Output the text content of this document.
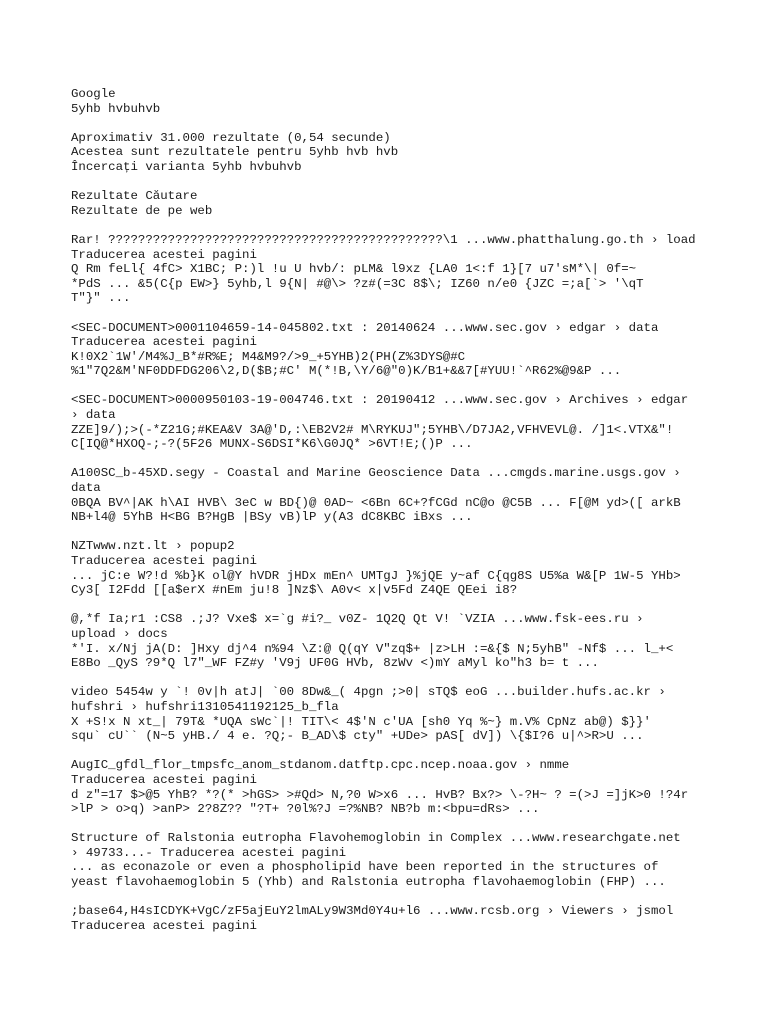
Google
5yhb hvbuhvb
Aproximativ 31.000 rezultate (0,54 secunde)
Acestea sunt rezultatele pentru 5yhb hvb hvb
Încercați varianta 5yhb hvbuhvb
Rezultate Căutare
Rezultate de pe web
Rar! ?????????????????????????????????????????????\1 ...www.phatthalung.go.th › load
Traducerea acestei pagini
Q Rm feLl{ 4fC> X1BC; P:)l !u U hvb/: pLM& l9xz {LA0 1<:f 1}[7 u7'sM*\| 0f=~
*PdS ... &5(C{p EW>} 5yhb,l 9{N| #@\> ?z#(=3C 8$\; IZ60 n/e0 {JZC =;a[`> '\qT
T"}" ...
<SEC-DOCUMENT>0001104659-14-045802.txt : 20140624 ...www.sec.gov › edgar › data
Traducerea acestei pagini
K!0X2`1W'/M4%J_B*#R%E; M4&M9?/>9_+5YHB)2(PH(Z%3DYS@#C
%1"7Q2&M'NF0DDFDG206\2,D($B;#C' M(*!B,\Y/6@"0)K/B1+&&7[#YUU!`^R62%@9&P ...
<SEC-DOCUMENT>0000950103-19-004746.txt : 20190412 ...www.sec.gov › Archives › edgar
› data
ZZE]9/);>(-*Z21G;#KEA&V 3A@'D,:\EB2V2# M\RYKUJ";5YHB\/D7JA2,VFHVEVL@. /]1<.VTX&"!
C[IQ@*HXOQ-;-?(5F26 MUNX-S6DSI*K6\G0JQ* >6VT!E;()P ...
A100SC_b-45XD.segy - Coastal and Marine Geoscience Data ...cmgds.marine.usgs.gov ›
data
0BQA BV^|AK h\AI HVB\ 3eC w BD{)@ 0AD~ <6Bn 6C+?fCGd nC@o @C5B ... F[@M yd>([ arkB
NB+l4@ 5YhB H<BG B?HgB |BSy vB)lP y(A3 dC8KBC iBxs ...
NZTwww.nzt.lt › popup2
Traducerea acestei pagini
... jC:e W?!d %b}K ol@Y hVDR jHDx mEn^ UMTgJ }%jQE y~af C{qg8S U5%a W&[P 1W-5 YHb>
Cy3[ I2Fdd [[a$erX #nEm ju!8 ]Nz$\ A0v< x|v5Fd Z4QE QEei i8?
@,*f Ia;r1 :CS8 .;J? Vxe$ x=`g #i?_ v0Z- 1Q2Q Qt V! `VZIA ...www.fsk-ees.ru ›
upload › docs
*'I. x/Nj jA(D: ]Hxy dj^4 n%94 \Z:@ Q(qY V"zq$+ |z>LH :=&{$ N;5yhB" -Nf$ ... l_+<
E8Bo _QyS ?9*Q l7"_WF FZ#y 'V9j UF0G HVb, 8zWv <)mY aMyl ko"h3 b= t ...
video 5454w y `! 0v|h atJ| `00 8Dw&_( 4pgn ;>0| sTQ$ eoG ...builder.hufs.ac.kr ›
hufshri › hufshri1310541192125_b_fla
X +S!x N xt_| 79T& *UQA sWc`|! TIT\< 4$'N c'UA [sh0 Yq %~} m.V% CpNz ab@) $}}'
squ` cU`` (N~5 yHB./ 4 e. ?Q;- B_AD\$ cty" +UDe> pAS[ dV]) \{$I?6 u|^>R>U ...
AugIC_gfdl_flor_tmpsfc_anom_stdanom.datftp.cpc.ncep.noaa.gov › nmme
Traducerea acestei pagini
d z"=17 $>@5 YhB? *?(* >hGS> >#Qd> N,?0 W>x6 ... HvB? Bx?> \-?H~ ? =(>J =]jK>0 !?4r
>lP > o>q) >anP> 2?8Z?? "?T+ ?0l%?J =?%NB? NB?b m:<bpu=dRs> ...
Structure of Ralstonia eutropha Flavohemoglobin in Complex ...www.researchgate.net
› 49733...- Traducerea acestei pagini
... as econazole or even a phospholipid have been reported in the structures of
yeast flavohaemoglobin 5 (Yhb) and Ralstonia eutropha flavohaemoglobin (FHP) ...
;base64,H4sICDYK+VgC/zF5ajEuY2lmALy9W3Md0Y4u+l6 ...www.rcsb.org › Viewers › jsmol
Traducerea acestei pagini
